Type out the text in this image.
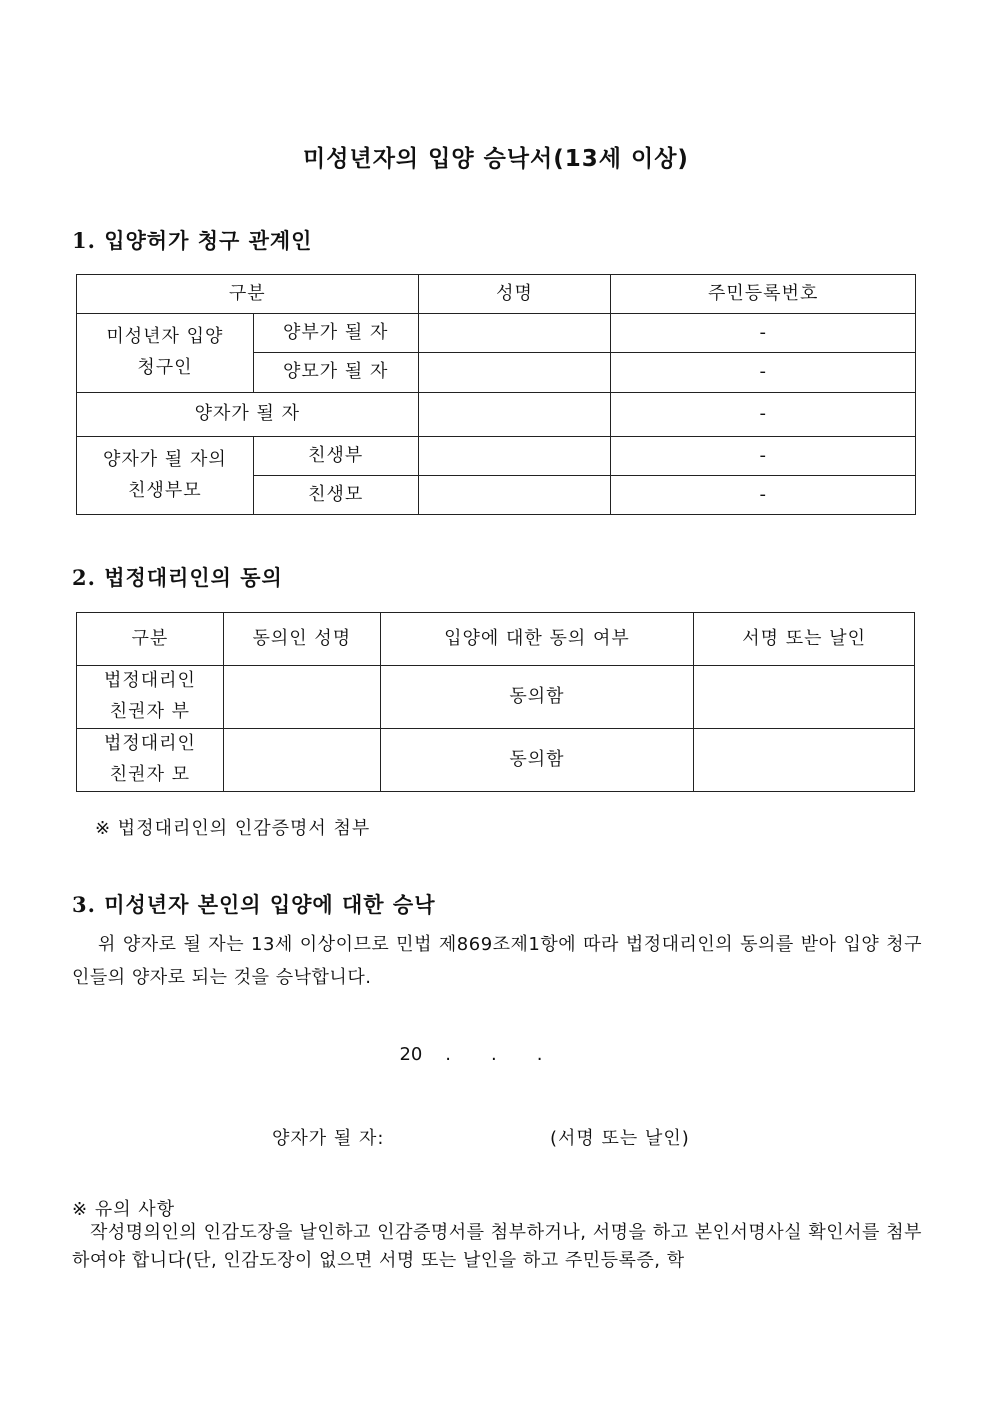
미성년자의 입양 승낙서(13세 이상)
1. 입양허가 청구 관계인
구분		성명	주민등록번호
미성년자 입양 청구인	양부가 될 자		-
	양모가 될 자		-
양자가 될 자			-
양자가 될 자의 친생부모	친생부		-
	친생모		-
2. 법정대리인의 동의
구분	동의인 성명	입양에 대한 동의 여부	서명 또는 날인
법정대리인 친권자 부		동의함	
법정대리인 친권자 모		동의함	
※ 법정대리인의 인감증명서 첨부
3. 미성년자 본인의 입양에 대한 승낙
위 양자로 될 자는 13세 이상이므로 민법 제869조제1항에 따라 법정대리인의 동의를 받아 입양 청구인들의 양자로 되는 것을 승낙합니다.
20    .       .       .
양자가 될 자:	(서명 또는 날인)
※ 유의 사항
작성명의인의 인감도장을 날인하고 인감증명서를 첨부하거나, 서명을 하고 본인서명사실 확인서를 첨부하여야 합니다(단, 인감도장이 없으면 서명 또는 날인을 하고 주민등록증, 학
